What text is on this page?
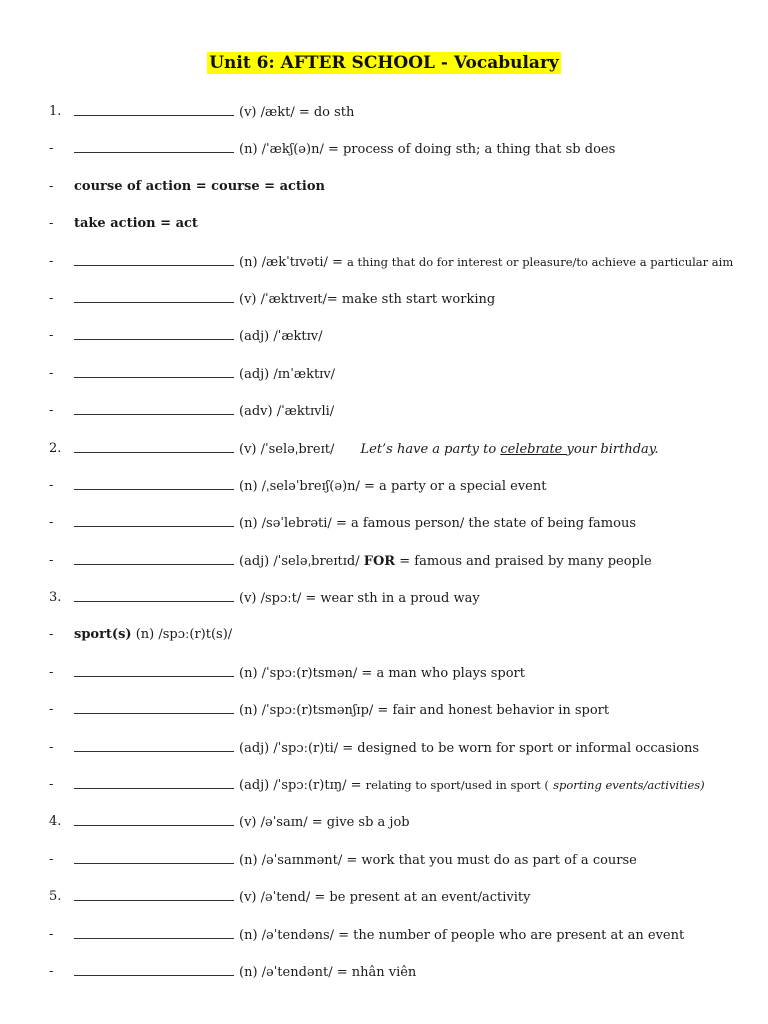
Unit 6: AFTER SCHOOL - Vocabulary
1.	(v) /ækt/ = do sth
-	(n) /ˈækʃ(ə)n/ = process of doing sth; a thing that sb does
-	course of action = course = action
-	take action = act
-	(n) /ækˈtɪvəti/ = a thing that do for interest or pleasure/to achieve a particular aim
-	(v) /ˈæktɪveɪt/= make sth start working
-	(adj) /ˈæktɪv/
-	(adj) /ɪnˈæktɪv/
-	(adv) /ˈæktɪvli/
2.	(v) /ˈseləˌbreɪt/ Let’s have a party to celebrate your birthday.
-	(n) /ˌseləˈbreɪʃ(ə)n/ = a party or a special event
-	(n) /səˈlebrəti/ = a famous person/ the state of being famous
-	(adj) /ˈseləˌbreɪtɪd/ FOR = famous and praised by many people
3.	(v) /spɔːt/ = wear sth in a proud way
-	sport(s) (n) /spɔː(r)t(s)/
-	(n) /ˈspɔː(r)tsmən/ = a man who plays sport
-	(n) /ˈspɔː(r)tsmənʃɪp/ = fair and honest behavior in sport
-	(adj) /ˈspɔː(r)ti/ = designed to be worn for sport or informal occasions
-	(adj) /ˈspɔː(r)tɪŋ/ = relating to sport/used in sport ( sporting events/activities)
4.	(v) /əˈsaɪn/ = give sb a job
-	(n) /əˈsaɪnmənt/ = work that you must do as part of a course
5.	(v) /əˈtend/ = be present at an event/activity
-	(n) /əˈtendəns/ = the number of people who are present at an event
-	(n) /əˈtendənt/ = nhân viên
